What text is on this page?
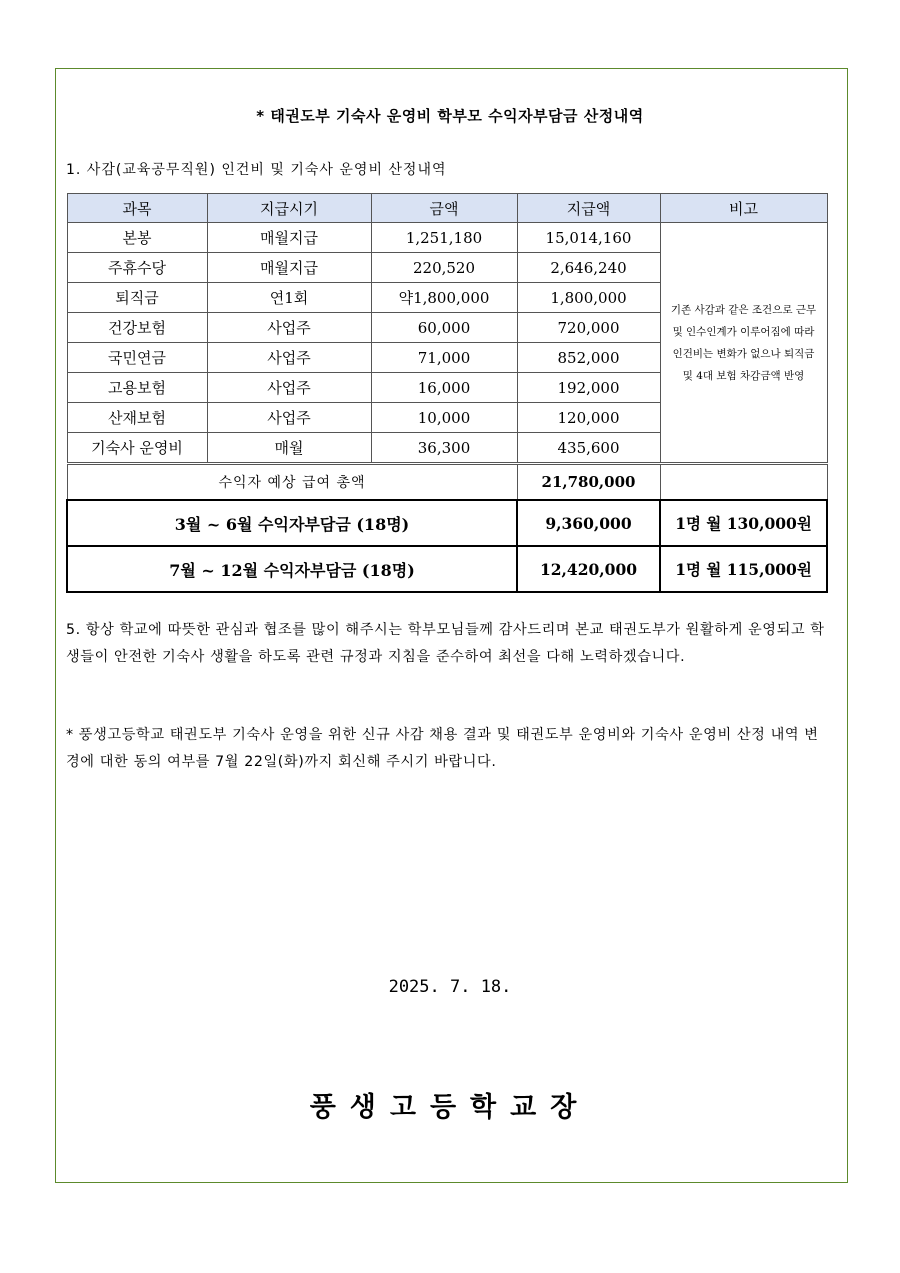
* 태권도부 기숙사 운영비 학부모 수익자부담금 산정내역
1. 사감(교육공무직원) 인건비 및 기숙사 운영비 산정내역
과목	지급시기	금액	지급액	비고
본봉	매월지급	1,251,180	15,014,160	기존 사감과 같은 조건으로 근무 및 인수인계가 이루어짐에 따라 인건비는 변화가 없으나 퇴직금 및 4대 보험 차감금액 반영
주휴수당	매월지급	220,520	2,646,240	
퇴직금	연1회	약1,800,000	1,800,000	
건강보험	사업주	60,000	720,000	
국민연금	사업주	71,000	852,000	
고용보험	사업주	16,000	192,000	
산재보험	사업주	10,000	120,000	
기숙사 운영비	매월	36,300	435,600	
수익자 예상 급여 총액			21,780,000	
3월 ~ 6월 수익자부담금 (18명)			9,360,000	1명 월 130,000원
7월 ~ 12월 수익자부담금 (18명)			12,420,000	1명 월 115,000원
5. 항상 학교에 따뜻한 관심과 협조를 많이 해주시는 학부모님들께 감사드리며 본교 태권도부가 원활하게 운영되고 학생들이 안전한 기숙사 생활을 하도록 관련 규정과 지침을 준수하여 최선을 다해 노력하겠습니다.
* 풍생고등학교 태권도부 기숙사 운영을 위한 신규 사감 채용 결과 및 태권도부 운영비와 기숙사 운영비 산정 내역 변경에 대한 동의 여부를 7월 22일(화)까지 회신해 주시기 바랍니다.
2025. 7. 18.
풍생고등학교장
